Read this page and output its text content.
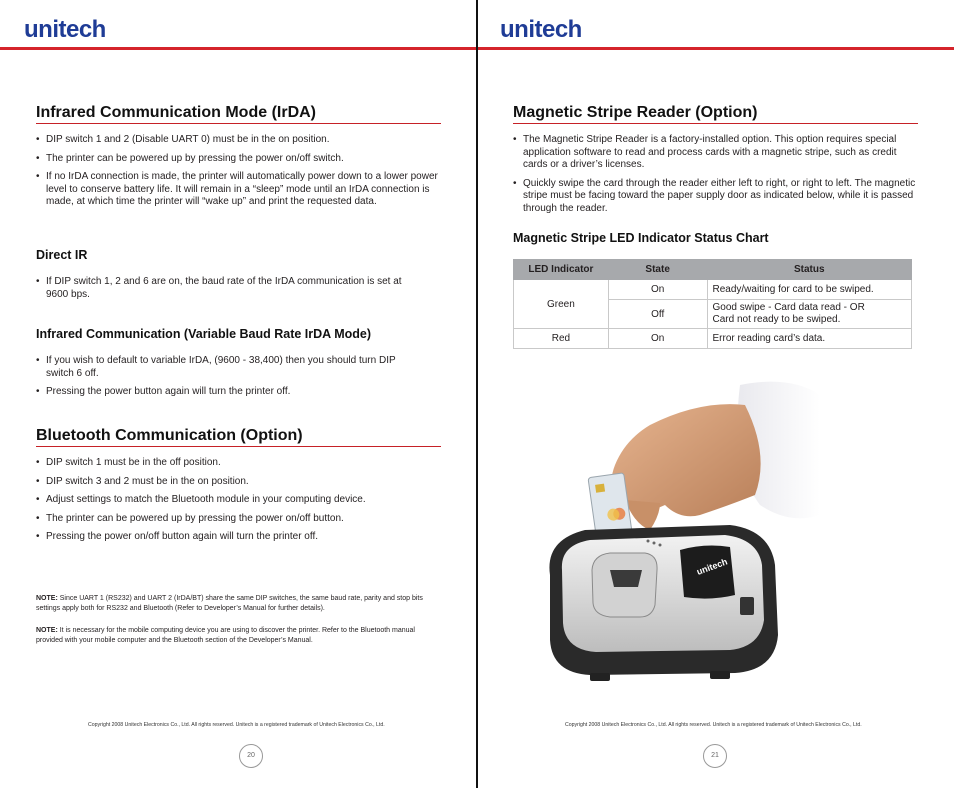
unitech
Infrared Communication Mode (IrDA)
• DIP switch 1 and 2 (Disable UART 0) must be in the on position.
• The printer can be powered up by pressing the power on/off switch.
• If no IrDA connection is made, the printer will automatically power down to a lower power level to conserve battery life. It will remain in a “sleep” mode until an IrDA connection is made, at which time the printer will “wake up” and print the requested data.
Direct IR
• If DIP switch 1, 2 and 6 are on, the baud rate of the IrDA communication is set at 9600 bps.
Infrared Communication (Variable Baud Rate IrDA Mode)
• If you wish to default to variable IrDA, (9600 - 38,400) then you should turn DIP switch 6 off.
• Pressing the power button again will turn the printer off.
Bluetooth Communication (Option)
• DIP switch 1 must be in the off position.
• DIP switch 3 and 2 must be in the on position.
• Adjust settings to match the Bluetooth module in your computing device.
• The printer can be powered up by pressing the power on/off button.
• Pressing the power on/off button again will turn the printer off.
NOTE: Since UART 1 (RS232) and UART 2 (IrDA/BT) share the same DIP switches, the same baud rate, parity and stop bits settings apply both for RS232 and Bluetooth (Refer to Developer’s Manual for further details).
NOTE: It is necessary for the mobile computing device you are using to discover the printer. Refer to the Bluetooth manual provided with your mobile computer and the Bluetooth section of the Developer’s Manual.
Copyright 2008 Unitech Electronics Co., Ltd. All rights reserved. Unitech is a registered trademark of Unitech Electronics Co., Ltd.
20
unitech
Magnetic Stripe Reader (Option)
• The Magnetic Stripe Reader is a factory-installed option. This option requires special application software to read and process cards with a magnetic stripe, such as credit cards or a driver’s licenses.
• Quickly swipe the card through the reader either left to right, or right to left. The magnetic stripe must be facing toward the paper supply door as indicated below, while it is passed through the reader.
Magnetic Stripe LED Indicator Status Chart
LED Indicator	State	Status
Green	On	Ready/waiting for card to be swiped.
	Off	Good swipe - Card data read - OR
Card not ready to be swiped.
Red	On	Error reading card’s data.
unitech
Copyright 2008 Unitech Electronics Co., Ltd. All rights reserved. Unitech is a registered trademark of Unitech Electronics Co., Ltd.
21
